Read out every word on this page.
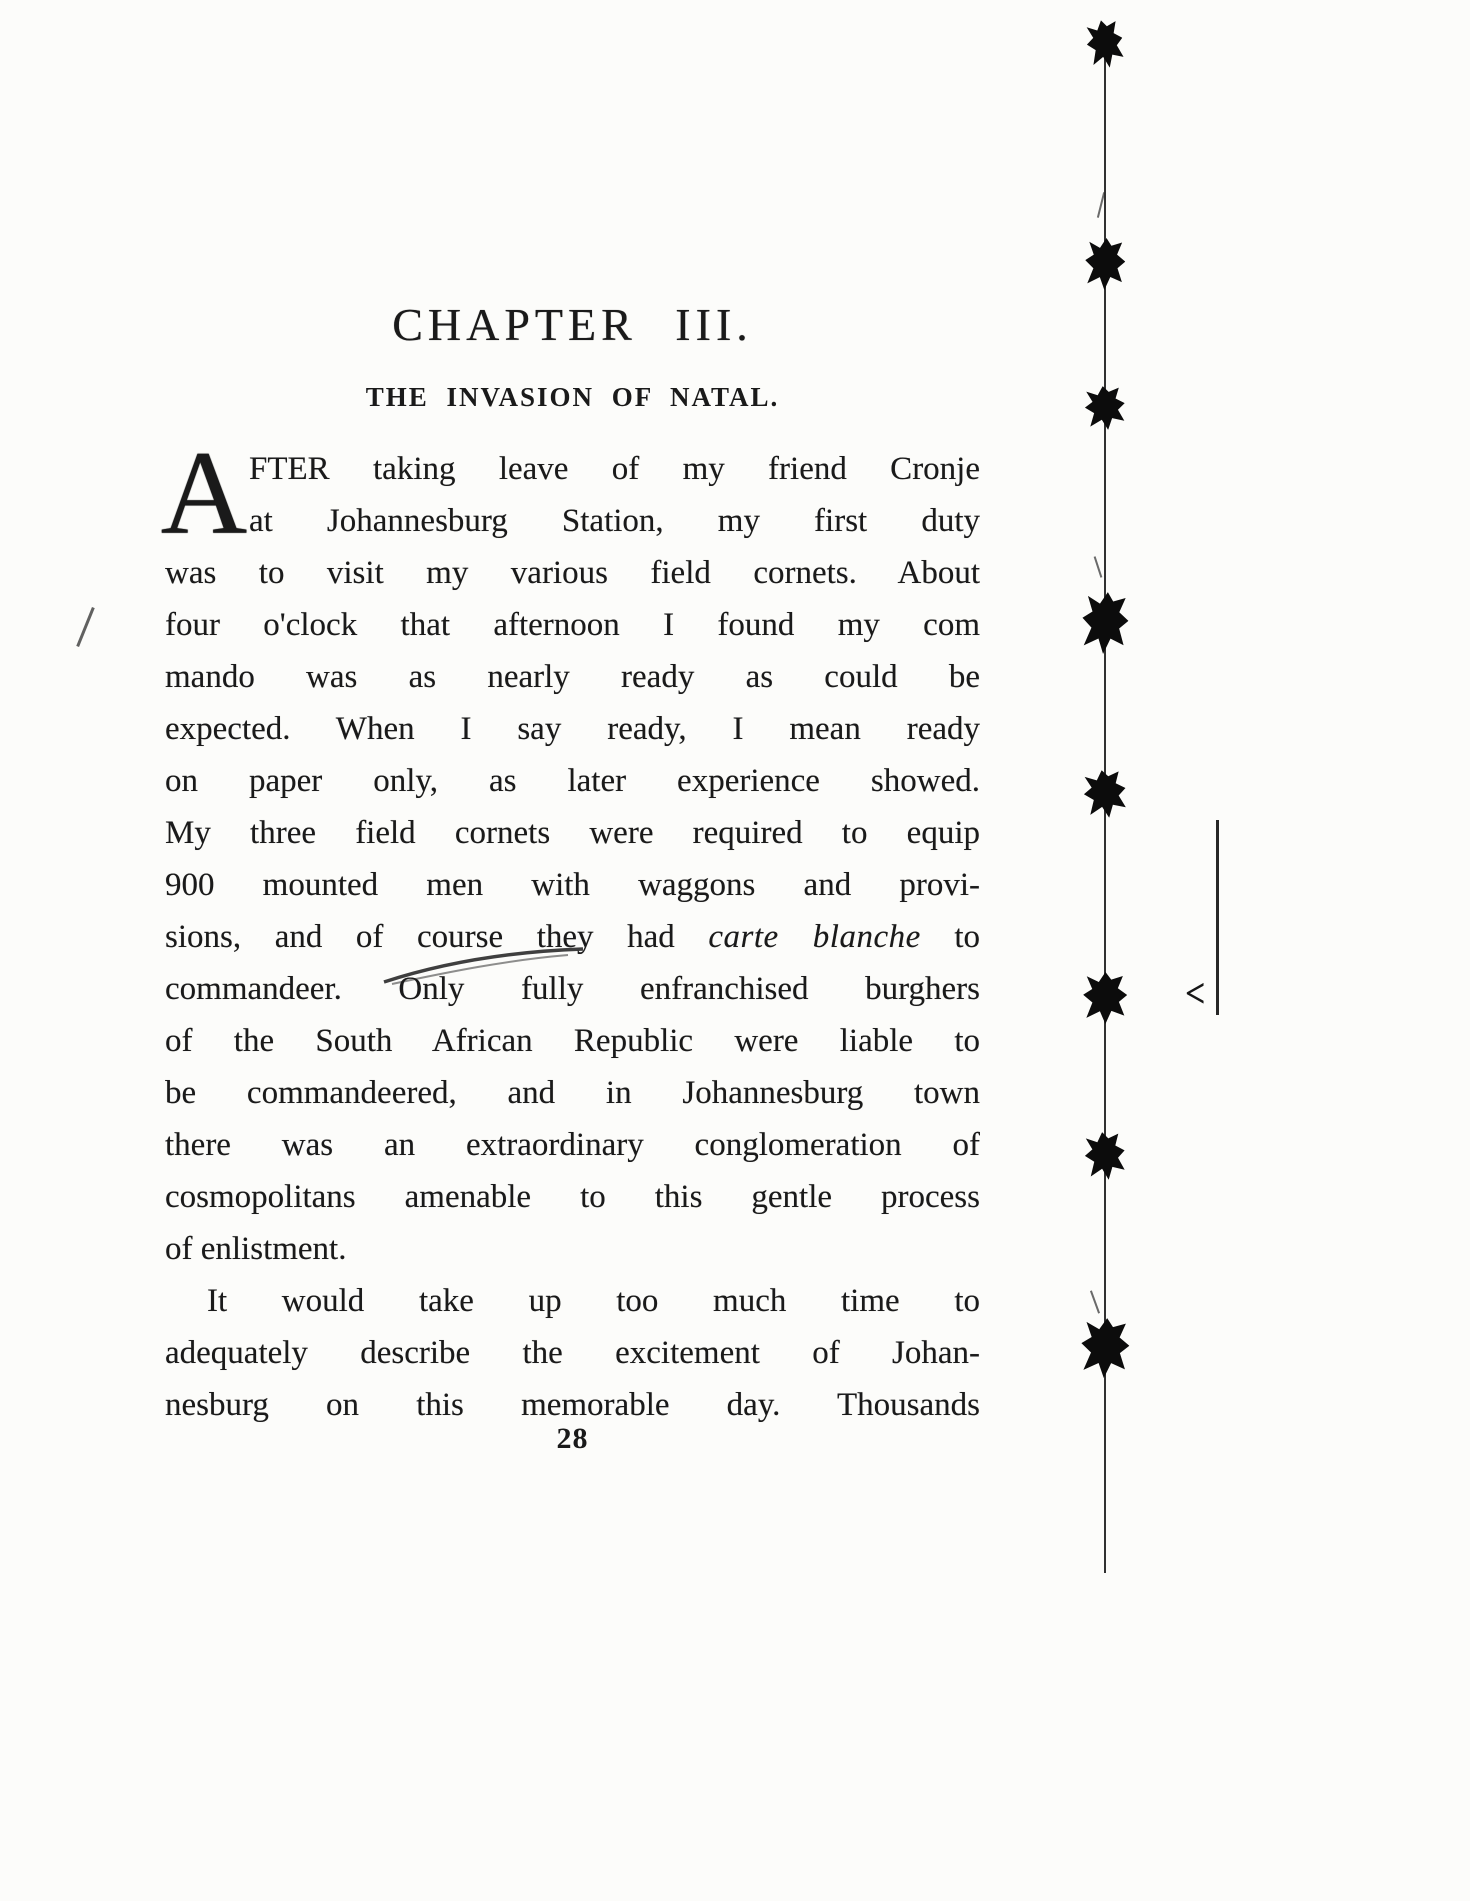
CHAPTER III.
THE INVASION OF NATAL.
A FTER taking leave of my friend Cronje
at Johannesburg Station, my first duty
was to visit my various field cornets. About
four o'clock that afternoon I found my com
mando was as nearly ready as could be
expected. When I say ready, I mean ready
on paper only, as later experience showed.
My three field cornets were required to equip
900 mounted men with waggons and provi-
sions, and of course they had carte blanche to
commandeer. Only fully enfranchised burghers
of the South African Republic were liable to
be commandeered, and in Johannesburg town
there was an extraordinary conglomeration of
cosmopolitans amenable to this gentle process
of enlistment.
It would take up too much time to
adequately describe the excitement of Johan-
nesburg on this memorable day. Thousands
28
<
